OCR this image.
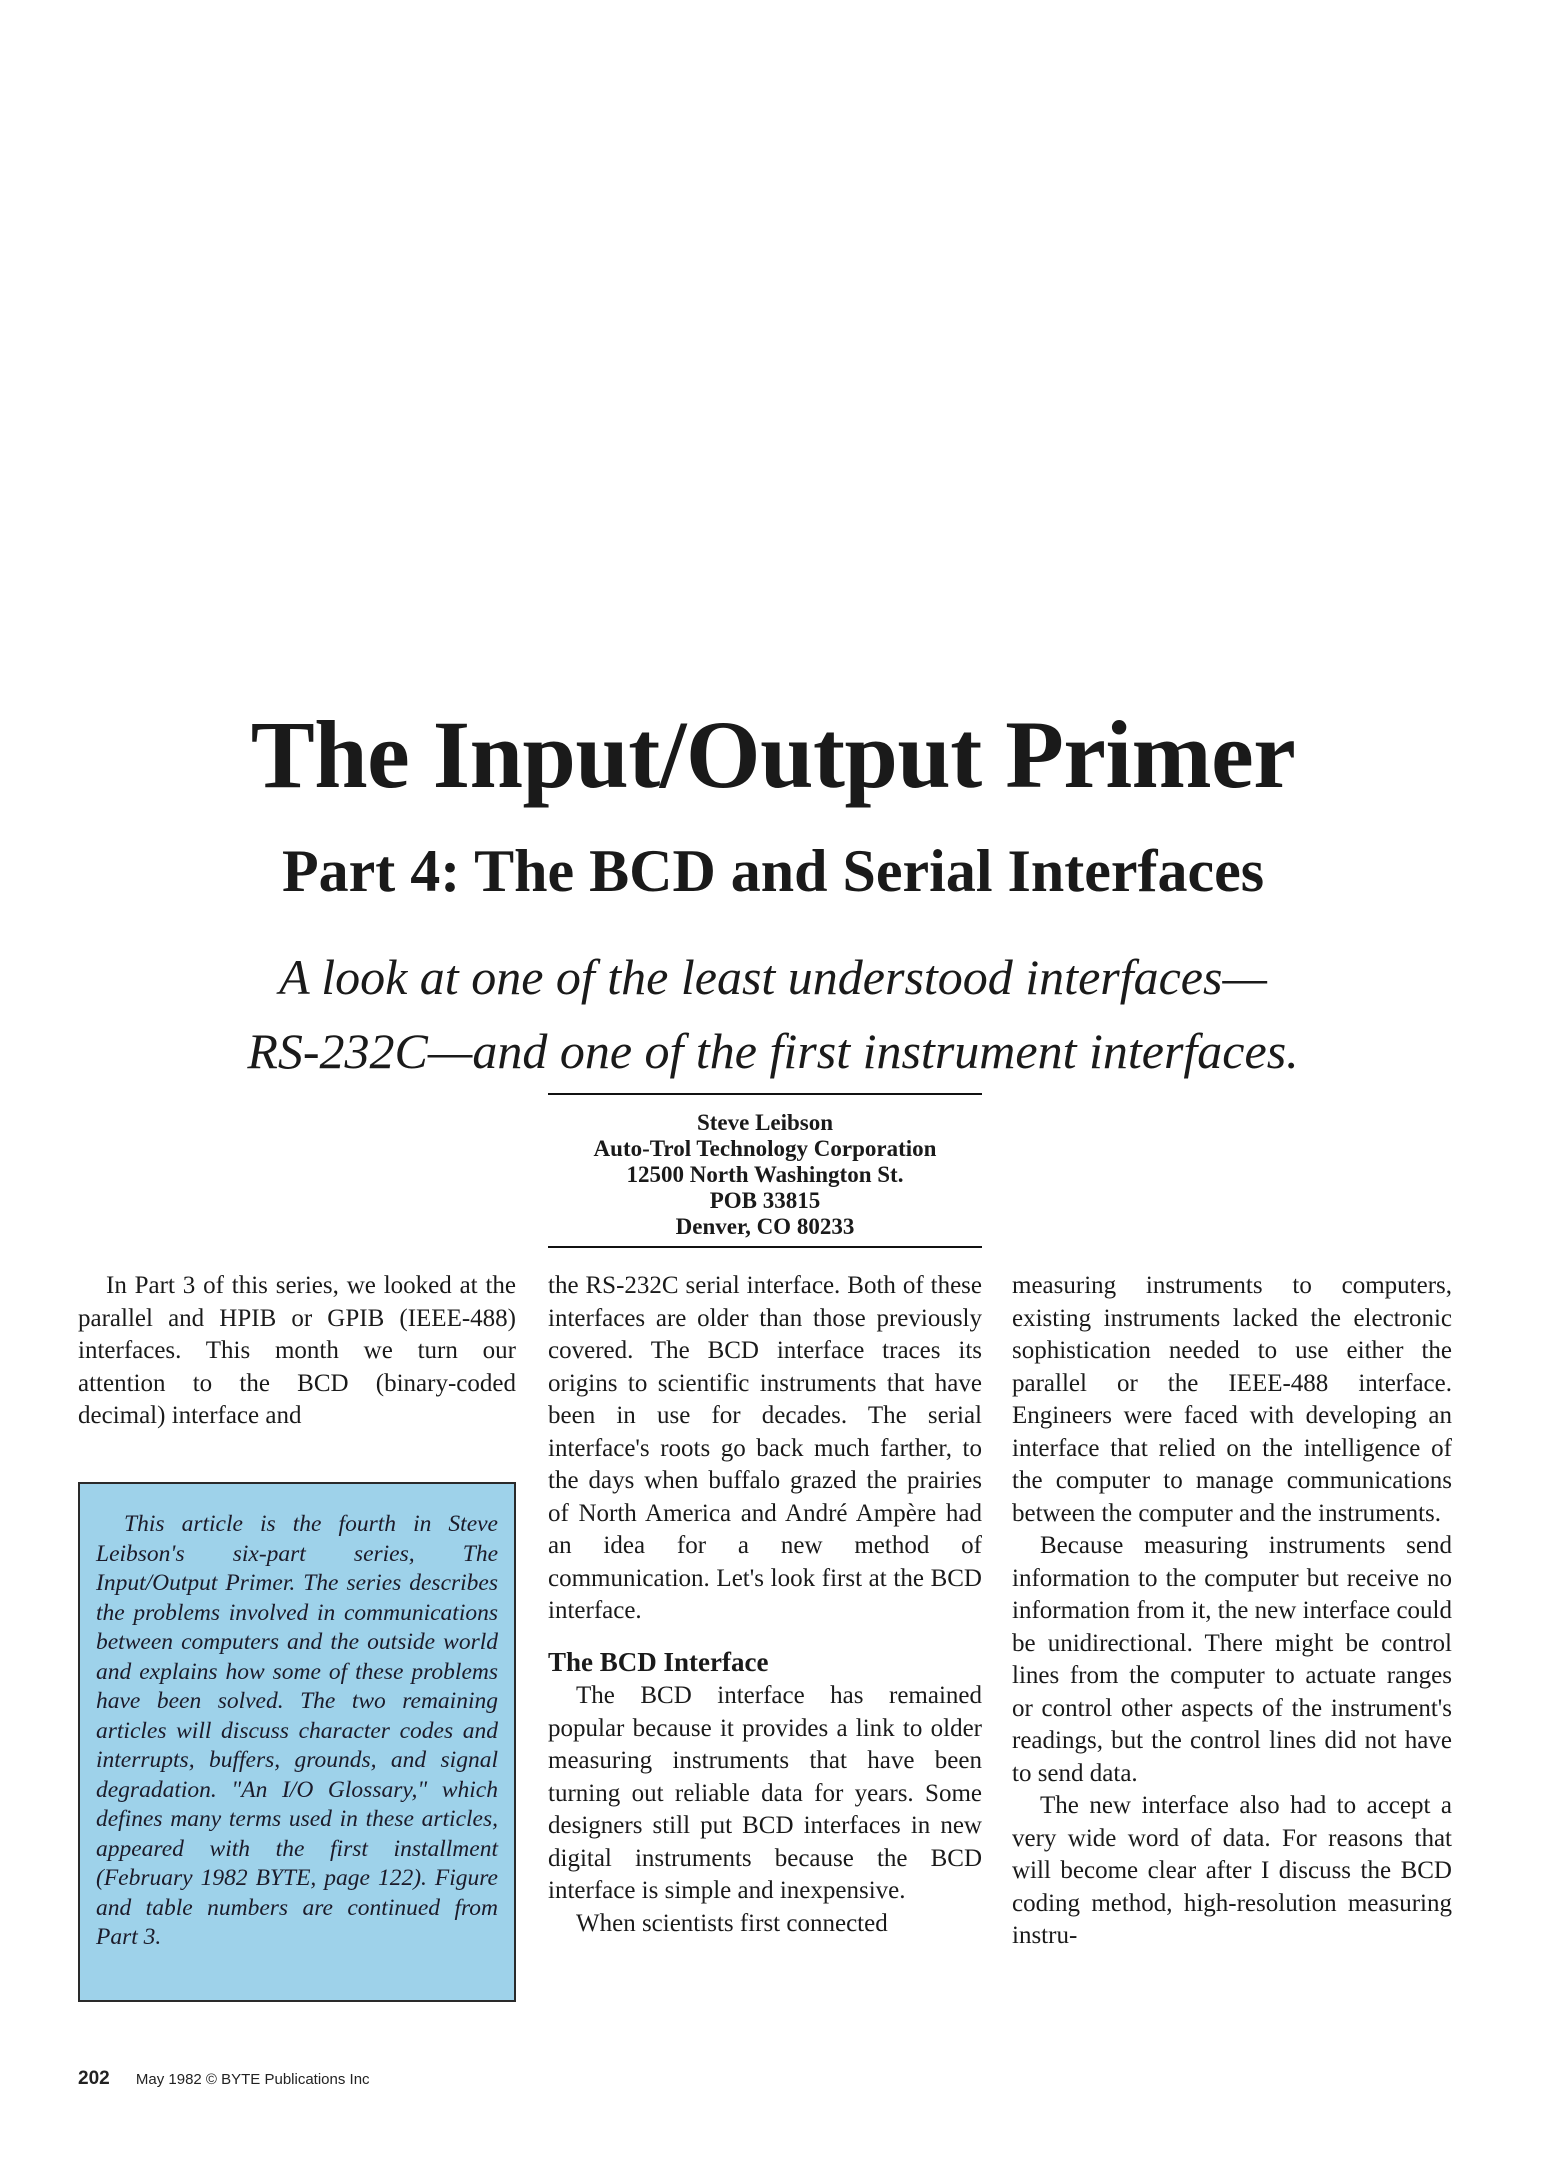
The Input/Output Primer
Part 4: The BCD and Serial Interfaces
A look at one of the least understood interfaces—
RS-232C—and one of the first instrument interfaces.
Steve Leibson
Auto-Trol Technology Corporation
12500 North Washington St.
POB 33815
Denver, CO 80233

In Part 3 of this series, we looked at the parallel and HPIB or GPIB (IEEE-488) interfaces. This month we turn our attention to the BCD (binary-coded decimal) interface and

This article is the fourth in Steve Leibson's six-part series, The Input/Output Primer. The series describes the problems involved in communications between computers and the outside world and explains how some of these problems have been solved. The two remaining articles will discuss character codes and interrupts, buffers, grounds, and signal degradation. "An I/O Glossary," which defines many terms used in these articles, appeared with the first installment (February 1982 BYTE, page 122). Figure and table numbers are continued from Part 3.

the RS-232C serial interface. Both of these interfaces are older than those previously covered. The BCD interface traces its origins to scientific instruments that have been in use for decades. The serial interface's roots go back much farther, to the days when buffalo grazed the prairies of North America and André Ampère had an idea for a new method of communication. Let's look first at the BCD interface.

The BCD Interface

The BCD interface has remained popular because it provides a link to older measuring instruments that have been turning out reliable data for years. Some designers still put BCD interfaces in new digital instruments because the BCD interface is simple and inexpensive.

When scientists first connected

measuring instruments to computers, existing instruments lacked the electronic sophistication needed to use either the parallel or the IEEE-488 interface. Engineers were faced with developing an interface that relied on the intelligence of the computer to manage communications between the computer and the instruments.

Because measuring instruments send information to the computer but receive no information from it, the new interface could be unidirectional. There might be control lines from the computer to actuate ranges or control other aspects of the instrument's readings, but the control lines did not have to send data.

The new interface also had to accept a very wide word of data. For reasons that will become clear after I discuss the BCD coding method, high-resolution measuring instru-

202 May 1982 © BYTE Publications Inc
